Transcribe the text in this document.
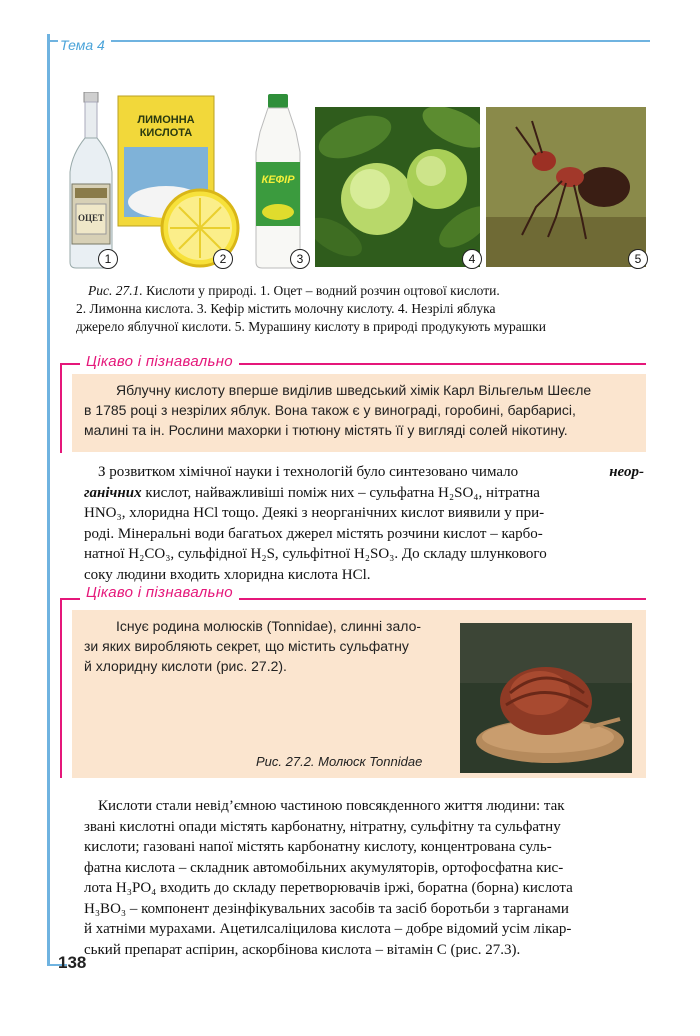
Тема 4
ОЦЕТ
1
ЛИМОННА КИСЛОТА
2
КЕФІР
3	4	5
Рис. 27.1. Кислоти у природі. 1. Оцет – водний розчин оцтової кислоти.
2. Лимонна кислота. 3. Кефір містить молочну кислоту. 4. Незрілі яблука
джерело яблучної кислоти. 5. Мурашину кислоту в природі продукують мурашки
Цікаво і пізнавально
Яблучну кислоту вперше виділив шведський хімік Карл Вільгельм Шеєле
в 1785 році з незрілих яблук. Вона також є у винограді, горобині, барбарисі,
малині та ін. Рослини махорки і тютюну містять її у вигляді солей нікотину.
З розвитком хімічної науки і технологій було синтезовано чимало	неор-
ганічних кислот, найважливіші поміж них – сульфатна H₂SO₄, нітратна
HNO₃, хлоридна HCl тощо. Деякі з неорганічних кислот виявили у при-
роді. Мінеральні води багатьох джерел містять розчини кислот – карбо-
натної H₂CO₃, сульфідної H₂S, сульфітної H₂SO₃. До складу шлункового
соку людини входить хлоридна кислота HCl.
Цікаво і пізнавально
Існує родина молюсків (Tonnidae), слинні зало-
зи яких виробляють секрет, що містить сульфатну
й хлоридну кислоти (рис. 27.2).
Рис. 27.2. Молюск Tonnidae
Кислоти стали невід’ємною частиною повсякденного життя людини: так
звані кислотні опади містять карбонатну, нітратну, сульфітну та сульфатну
кислоти; газовані напої містять карбонатну кислоту, концентрована суль-
фатна кислота – складник автомобільних акумуляторів, ортофосфатна кис-
лота H₃PO₄ входить до складу перетворювачів іржі, боратна (борна) кислота
H₃BO₃ – компонент дезінфікувальних засобів та засіб боротьби з тарганами
й хатніми мурахами. Ацетилсаліцилова кислота – добре відомий усім лікар-
ський препарат аспірин, аскорбінова кислота – вітамін С (рис. 27.3).
138
